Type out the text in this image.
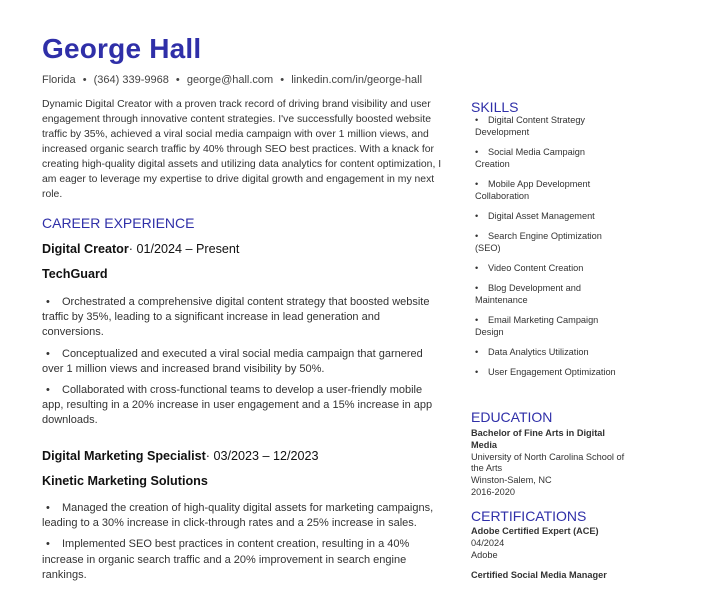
George Hall
Florida • (364) 339-9968 • george@hall.com • linkedin.com/in/george-hall
Dynamic Digital Creator with a proven track record of driving brand visibility and user engagement through innovative content strategies. I've successfully boosted website traffic by 35%, achieved a viral social media campaign with over 1 million views, and increased organic search traffic by 40% through SEO best practices. With a knack for creating high-quality digital assets and utilizing data analytics for content optimization, I am eager to leverage my expertise to drive digital growth and engagement in my next role.
CAREER EXPERIENCE
Digital Creator· 01/2024 – Present
TechGuard
• Orchestrated a comprehensive digital content strategy that boosted website traffic by 35%, leading to a significant increase in lead generation and conversions.
• Conceptualized and executed a viral social media campaign that garnered over 1 million views and increased brand visibility by 50%.
• Collaborated with cross-functional teams to develop a user-friendly mobile app, resulting in a 20% increase in user engagement and a 15% increase in app downloads.
Digital Marketing Specialist· 03/2023 – 12/2023
Kinetic Marketing Solutions
• Managed the creation of high-quality digital assets for marketing campaigns, leading to a 30% increase in click-through rates and a 25% increase in sales.
• Implemented SEO best practices in content creation, resulting in a 40% increase in organic search traffic and a 20% improvement in search engine rankings.
SKILLS
• Digital Content Strategy Development
• Social Media Campaign Creation
• Mobile App Development Collaboration
• Digital Asset Management
• Search Engine Optimization (SEO)
• Video Content Creation
• Blog Development and Maintenance
• Email Marketing Campaign Design
• Data Analytics Utilization
• User Engagement Optimization
EDUCATION
Bachelor of Fine Arts in Digital Media
University of North Carolina School of the Arts
Winston-Salem, NC
2016-2020
CERTIFICATIONS
Adobe Certified Expert (ACE)
04/2024
Adobe
Certified Social Media Manager
